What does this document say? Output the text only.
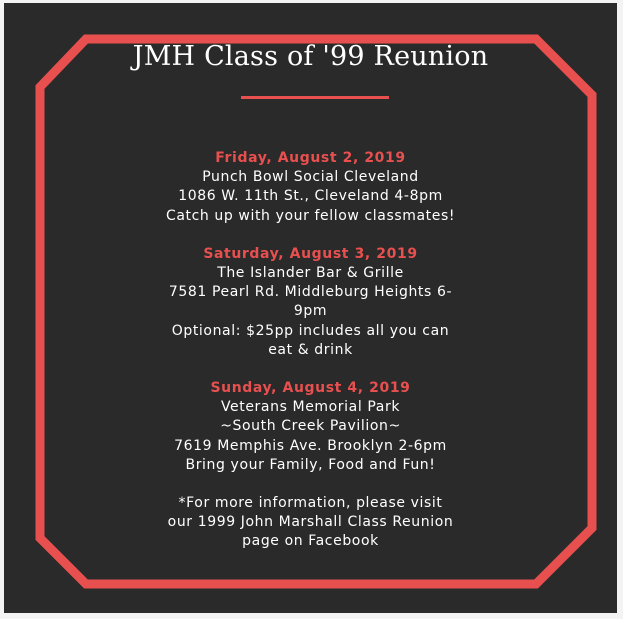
JMH Class of '99 Reunion
Friday, August 2, 2019
Punch Bowl Social Cleveland
1086 W. 11th St., Cleveland 4-8pm
Catch up with your fellow classmates!
Saturday, August 3, 2019
The Islander Bar & Grille
7581 Pearl Rd. Middleburg Heights 6-9pm
Optional: $25pp includes all you can eat & drink
Sunday, August 4, 2019
Veterans Memorial Park
~South Creek Pavilion~
7619 Memphis Ave. Brooklyn 2-6pm
Bring your Family, Food and Fun!
*For more information, please visit our 1999 John Marshall Class Reunion page on Facebook
